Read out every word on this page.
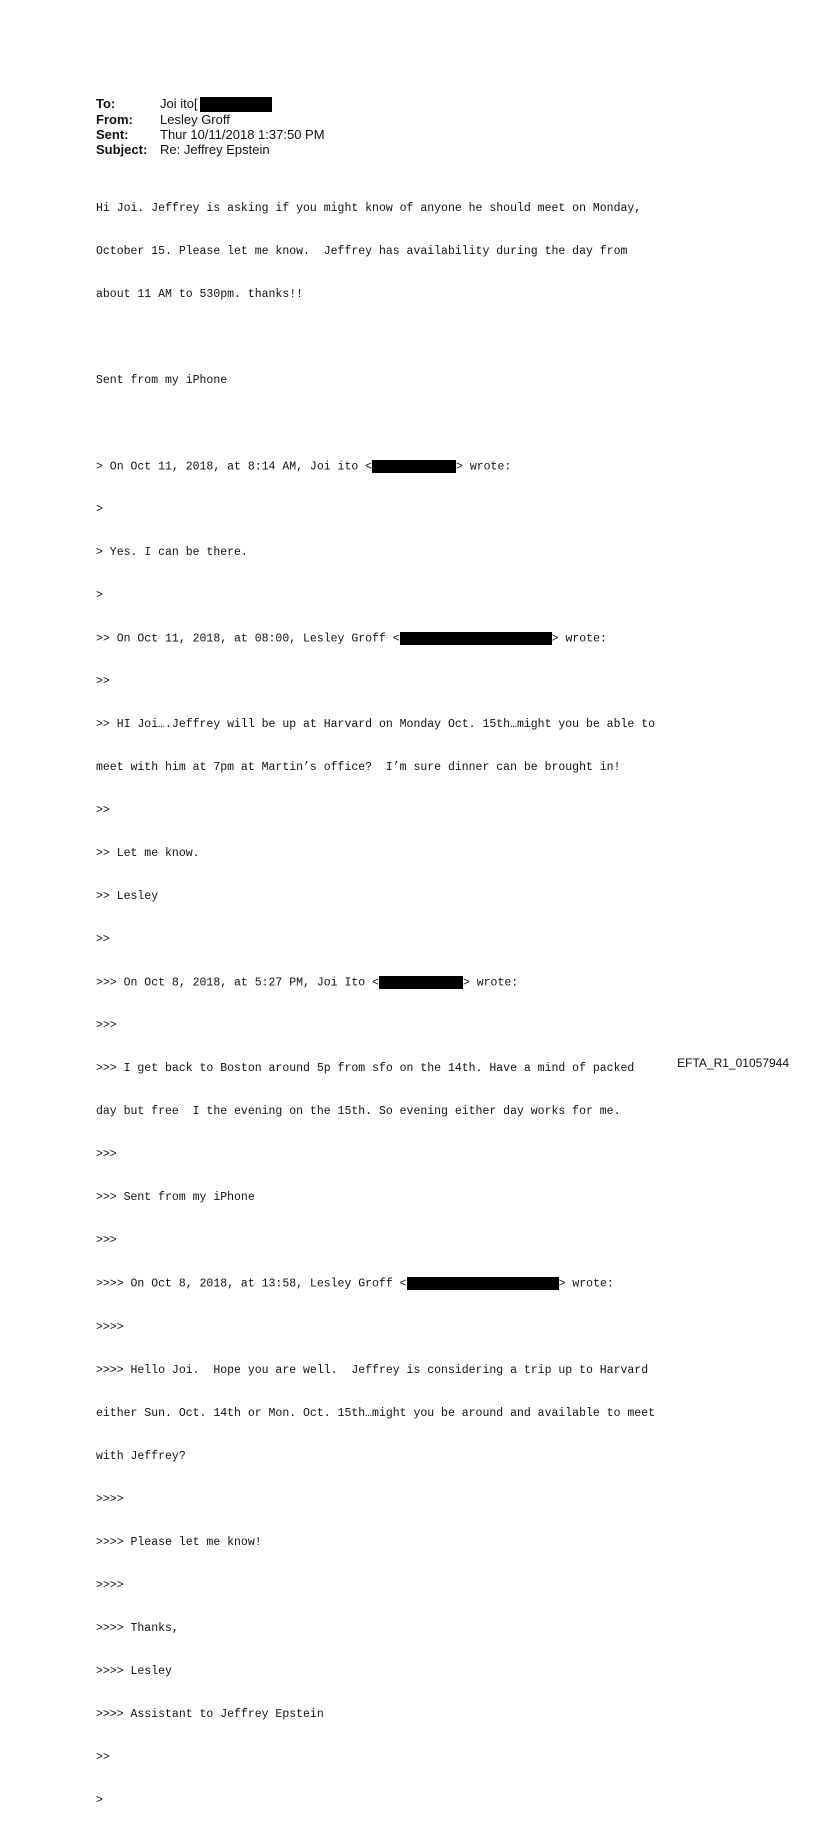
To:	Joi ito[
From:	Lesley Groff
Sent:	Thur 10/11/2018 1:37:50 PM
Subject: Re: Jeffrey Epstein

Hi Joi. Jeffrey is asking if you might know of anyone he should meet on Monday,

October 15. Please let me know.  Jeffrey has availability during the day from

about 11 AM to 530pm. thanks!!

Sent from my iPhone

> On Oct 11, 2018, at 8:14 AM, Joi ito <	> wrote:

>

> Yes. I can be there.

>

>> On Oct 11, 2018, at 08:00, Lesley Groff <	> wrote:

>>

>> HI Joi….Jeffrey will be up at Harvard on Monday Oct. 15th…might you be able to

meet with him at 7pm at Martin’s office?  I’m sure dinner can be brought in!

>>

>> Let me know.

>> Lesley

>>

>>> On Oct 8, 2018, at 5:27 PM, Joi Ito <	> wrote:

>>>

>>> I get back to Boston around 5p from sfo on the 14th. Have a mind of packed

day but free  I the evening on the 15th. So evening either day works for me.

>>>

>>> Sent from my iPhone

>>>

>>>> On Oct 8, 2018, at 13:58, Lesley Groff <	> wrote:

>>>>

>>>> Hello Joi.  Hope you are well.  Jeffrey is considering a trip up to Harvard

either Sun. Oct. 14th or Mon. Oct. 15th…might you be around and available to meet

with Jeffrey?

>>>>

>>>> Please let me know!

>>>>

>>>> Thanks,

>>>> Lesley

>>>> Assistant to Jeffrey Epstein

>>

>

EFTA_R1_01057944
